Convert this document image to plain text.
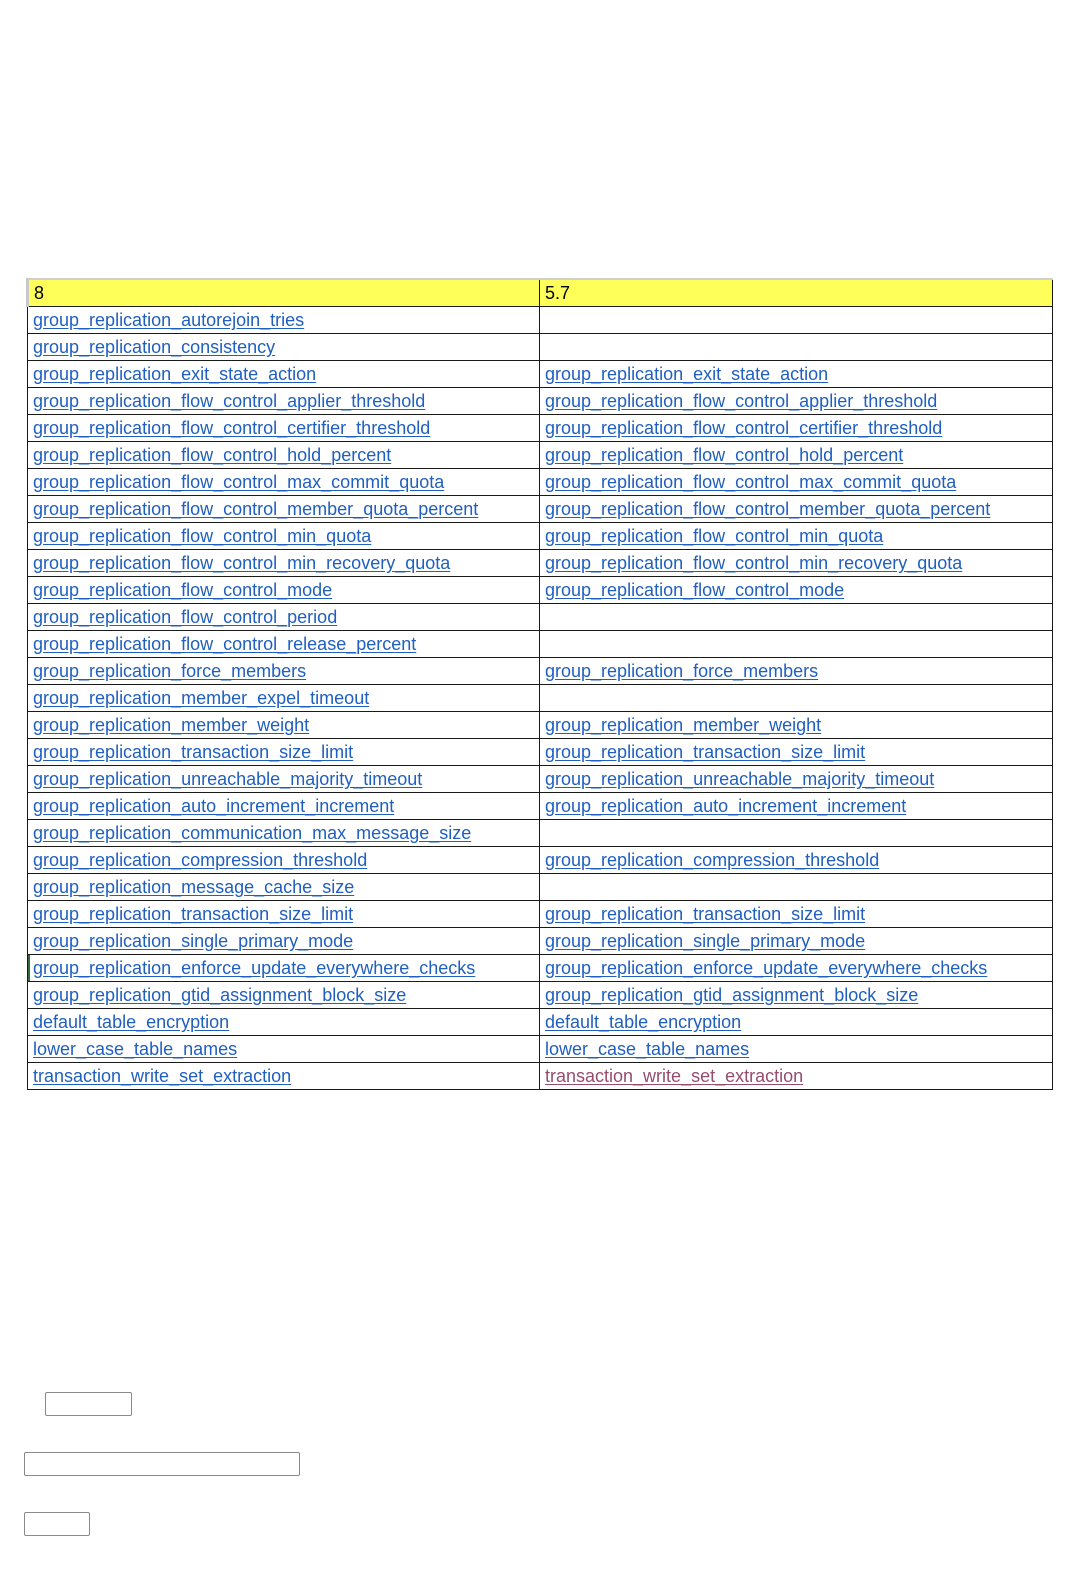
8	5.7
group_replication_autorejoin_tries	
group_replication_consistency	
group_replication_exit_state_action	group_replication_exit_state_action
group_replication_flow_control_applier_threshold	group_replication_flow_control_applier_threshold
group_replication_flow_control_certifier_threshold	group_replication_flow_control_certifier_threshold
group_replication_flow_control_hold_percent	group_replication_flow_control_hold_percent
group_replication_flow_control_max_commit_quota	group_replication_flow_control_max_commit_quota
group_replication_flow_control_member_quota_percent	group_replication_flow_control_member_quota_percent
group_replication_flow_control_min_quota	group_replication_flow_control_min_quota
group_replication_flow_control_min_recovery_quota	group_replication_flow_control_min_recovery_quota
group_replication_flow_control_mode	group_replication_flow_control_mode
group_replication_flow_control_period	
group_replication_flow_control_release_percent	
group_replication_force_members	group_replication_force_members
group_replication_member_expel_timeout	
group_replication_member_weight	group_replication_member_weight
group_replication_transaction_size_limit	group_replication_transaction_size_limit
group_replication_unreachable_majority_timeout	group_replication_unreachable_majority_timeout
group_replication_auto_increment_increment	group_replication_auto_increment_increment
group_replication_communication_max_message_size	
group_replication_compression_threshold	group_replication_compression_threshold
group_replication_message_cache_size	
group_replication_transaction_size_limit	group_replication_transaction_size_limit
group_replication_single_primary_mode	group_replication_single_primary_mode
group_replication_enforce_update_everywhere_checks	group_replication_enforce_update_everywhere_checks
group_replication_gtid_assignment_block_size	group_replication_gtid_assignment_block_size
default_table_encryption	default_table_encryption
lower_case_table_names	lower_case_table_names
transaction_write_set_extraction	transaction_write_set_extraction
